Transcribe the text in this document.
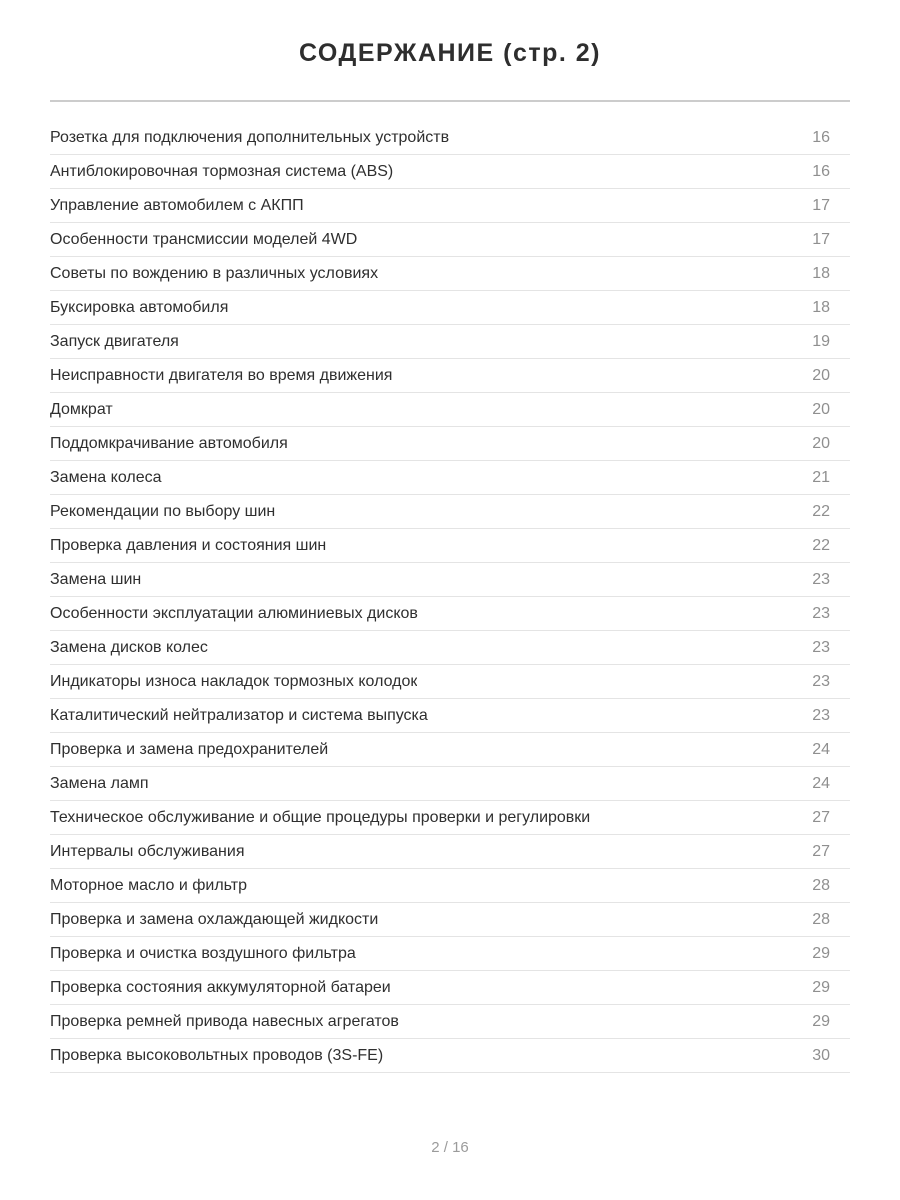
СОДЕРЖАНИЕ (стр. 2)
Розетка для подключения дополнительных устройств	16
Антиблокировочная тормозная система (ABS)	16
Управление автомобилем с АКПП	17
Особенности трансмиссии моделей 4WD	17
Советы по вождению в различных условиях	18
Буксировка автомобиля	18
Запуск двигателя	19
Неисправности двигателя во время движения	20
Домкрат	20
Поддомкрачивание автомобиля	20
Замена колеса	21
Рекомендации по выбору шин	22
Проверка давления и состояния шин	22
Замена шин	23
Особенности эксплуатации алюминиевых дисков	23
Замена дисков колес	23
Индикаторы износа накладок тормозных колодок	23
Каталитический нейтрализатор и система выпуска	23
Проверка и замена предохранителей	24
Замена ламп	24
Техническое обслуживание и общие процедуры проверки и регулировки	27
Интервалы обслуживания	27
Моторное масло и фильтр	28
Проверка и замена охлаждающей жидкости	28
Проверка и очистка воздушного фильтра	29
Проверка состояния аккумуляторной батареи	29
Проверка ремней привода навесных агрегатов	29
Проверка высоковольтных проводов (3S-FE)	30
2 / 16
